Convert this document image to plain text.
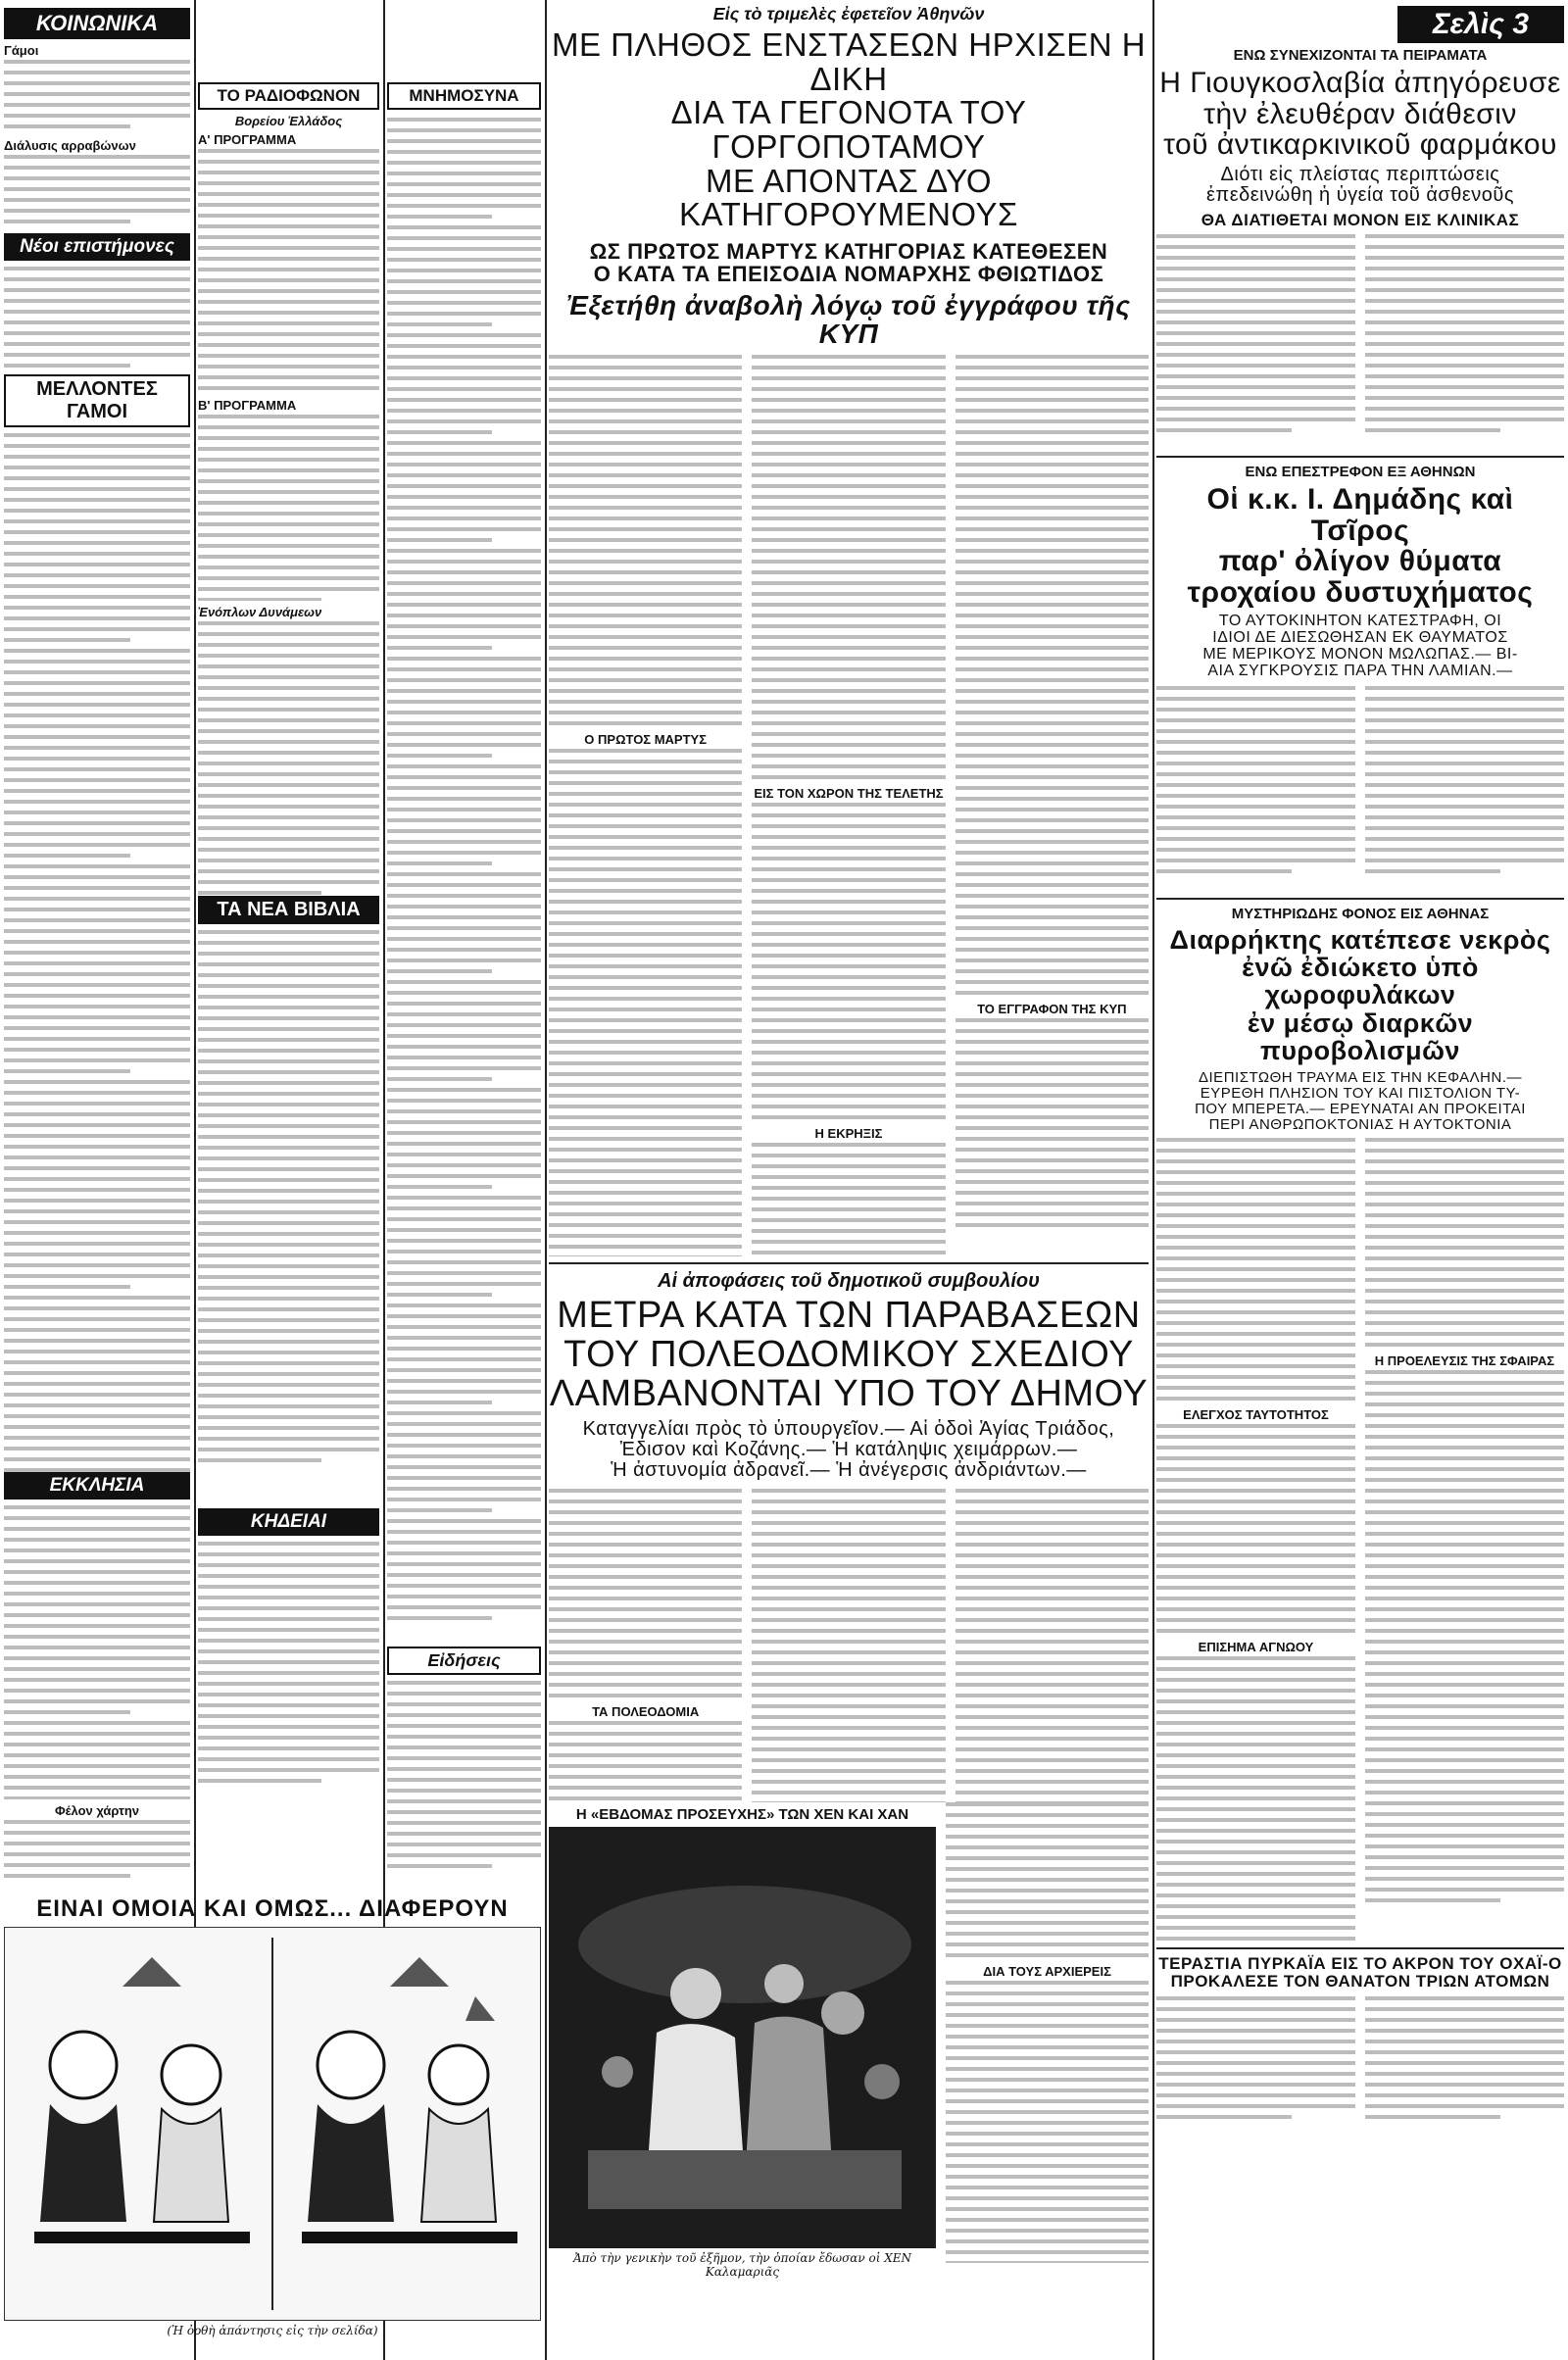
ΚΟΙΝΩΝΙΚΑ
Γάμοι
Διάλυσις αρραβώνων
Νέοι επιστήμονες
ΜΕΛΛΟΝΤΕΣ ΓΑΜΟΙ
ΕΚΚΛΗΣΙΑ
Φέλον χάρτην
ΕΙΝΑΙ ΟΜΟΙΑ ΚΑΙ ΟΜΩΣ... ΔΙΑΦΕΡΟΥΝ
(Ἡ ὀρθὴ ἀπάντησις εἰς τὴν σελίδα)
ΤΟ ΡΑΔΙΟΦΩΝΟΝ
Βορείου Ἑλλάδος
Α' ΠΡΟΓΡΑΜΜΑ
Β' ΠΡΟΓΡΑΜΜΑ
Ἐνόπλων Δυνάμεων
ΤΑ ΝΕΑ ΒΙΒΛΙΑ
ΚΗΔΕΙΑΙ
ΜΝΗΜΟΣΥΝΑ
Εἰδήσεις
Εἰς τὸ τριμελὲς ἐφετεῖον Ἀθηνῶν
ΜΕ ΠΛΗΘΟΣ ΕΝΣΤΑΣΕΩΝ ΗΡΧΙΣΕΝ Η ΔΙΚΗ
ΔΙΑ ΤΑ ΓΕΓΟΝΟΤΑ ΤΟΥ ΓΟΡΓΟΠΟΤΑΜΟΥ
ΜΕ ΑΠΟΝΤΑΣ ΔΥΟ ΚΑΤΗΓΟΡΟΥΜΕΝΟΥΣ
ΩΣ ΠΡΩΤΟΣ ΜΑΡΤΥΣ ΚΑΤΗΓΟΡΙΑΣ ΚΑΤΕΘΕΣΕΝ
Ο ΚΑΤΑ ΤΑ ΕΠΕΙΣΟΔΙΑ ΝΟΜΑΡΧΗΣ ΦΘΙΩΤΙΔΟΣ
Ἐξετήθη ἀναβολὴ λόγῳ τοῦ ἐγγράφου τῆς ΚΥΠ
Ο ΠΡΩΤΟΣ ΜΑΡΤΥΣ
ΕΙΣ ΤΟΝ ΧΩΡΟΝ ΤΗΣ ΤΕΛΕΤΗΣ
Η ΕΚΡΗΞΙΣ
ΤΟ ΕΓΓΡΑΦΟΝ ΤΗΣ ΚΥΠ
Αἱ ἀποφάσεις τοῦ δημοτικοῦ συμβουλίου
ΜΕΤΡΑ ΚΑΤΑ ΤΩΝ ΠΑΡΑΒΑΣΕΩΝ
ΤΟΥ ΠΟΛΕΟΔΟΜΙΚΟΥ ΣΧΕΔΙΟΥ
ΛΑΜΒΑΝΟΝΤΑΙ ΥΠΟ ΤΟΥ ΔΗΜΟΥ
Καταγγελίαι πρὸς τὸ ὑπουργεῖον.— Αἱ ὁδοὶ Ἁγίας Τριάδος,
Ἐδισον καὶ Κοζάνης.— Ἡ κατάληψις χειμάρρων.—
Ἡ ἀστυνομία ἀδρανεῖ.— Ἡ ἀνέγερσις ἀνδριάντων.—
ΤΑ ΠΟΛΕΟΔΟΜΙΑ
Η «ΕΒΔΟΜΑΣ ΠΡΟΣΕΥΧΗΣ» ΤΩΝ ΧΕΝ ΚΑΙ ΧΑΝ
Ἀπὸ τὴν γενικὴν τοῦ ἐξῆμον, τὴν ὁποίαν ἔδωσαν οἱ ΧΕΝ Καλαμαριᾶς
ΔΙΑ ΤΟΥΣ ΑΡΧΙΕΡΕΙΣ
Σελὶς 3
ΕΝΩ ΣΥΝΕΧΙΖΟΝΤΑΙ ΤΑ ΠΕΙΡΑΜΑΤΑ
Η Γιουγκοσλαβία ἀπηγόρευσε
τὴν ἐλευθέραν διάθεσιν
τοῦ ἀντικαρκινικοῦ φαρμάκου
Διότι εἰς πλείστας περιπτώσεις
ἐπεδεινώθη ἡ ὑγεία τοῦ ἀσθενοῦς
ΘΑ ΔΙΑΤΙΘΕΤΑΙ ΜΟΝΟΝ ΕΙΣ ΚΛΙΝΙΚΑΣ
ΕΝΩ ΕΠΕΣΤΡΕΦΟΝ ΕΞ ΑΘΗΝΩΝ
Οἱ κ.κ. Ι. Δημάδης καὶ Τσῖρος
παρ' ὀλίγον θύματα
τροχαίου δυστυχήματος
ΤΟ ΑΥΤΟΚΙΝΗΤΟΝ ΚΑΤΕΣΤΡΑΦΗ, ΟΙ
ΙΔΙΟΙ ΔΕ ΔΙΕΣΩΘΗΣΑΝ ΕΚ ΘΑΥΜΑΤΟΣ
ΜΕ ΜΕΡΙΚΟΥΣ ΜΟΝΟΝ ΜΩΛΩΠΑΣ.— ΒΙ-
ΑΙΑ ΣΥΓΚΡΟΥΣΙΣ ΠΑΡΑ ΤΗΝ ΛΑΜΙΑΝ.—
ΜΥΣΤΗΡΙΩΔΗΣ ΦΟΝΟΣ ΕΙΣ ΑΘΗΝΑΣ
Διαρρήκτης κατέπεσε νεκρὸς
ἐνῶ ἐδιώκετο ὑπὸ χωροφυλάκων
ἐν μέσῳ διαρκῶν πυροβολισμῶν
ΔΙΕΠΙΣΤΩΘΗ ΤΡΑΥΜΑ ΕΙΣ ΤΗΝ ΚΕΦΑΛΗΝ.—
ΕΥΡΕΘΗ ΠΛΗΣΙΟΝ ΤΟΥ ΚΑΙ ΠΙΣΤΟΛΙΟΝ ΤΥ-
ΠΟΥ ΜΠΕΡΕΤΑ.— ΕΡΕΥΝΑΤΑΙ ΑΝ ΠΡΟΚΕΙΤΑΙ
ΠΕΡΙ ΑΝΘΡΩΠΟΚΤΟΝΙΑΣ Η ΑΥΤΟΚΤΟΝΙΑ
ΕΛΕΓΧΟΣ ΤΑΥΤΟΤΗΤΟΣ
ΕΠΙΣΗΜΑ ΑΓΝΩΟΥ
Η ΠΡΟΕΛΕΥΣΙΣ ΤΗΣ ΣΦΑΙΡΑΣ
ΤΕΡΑΣΤΙΑ ΠΥΡΚΑΪΑ ΕΙΣ ΤΟ ΑΚΡΟΝ ΤΟΥ ΟΧΑΪ-Ο
ΠΡΟΚΑΛΕΣΕ ΤΟΝ ΘΑΝΑΤΟΝ ΤΡΙΩΝ ΑΤΟΜΩΝ
